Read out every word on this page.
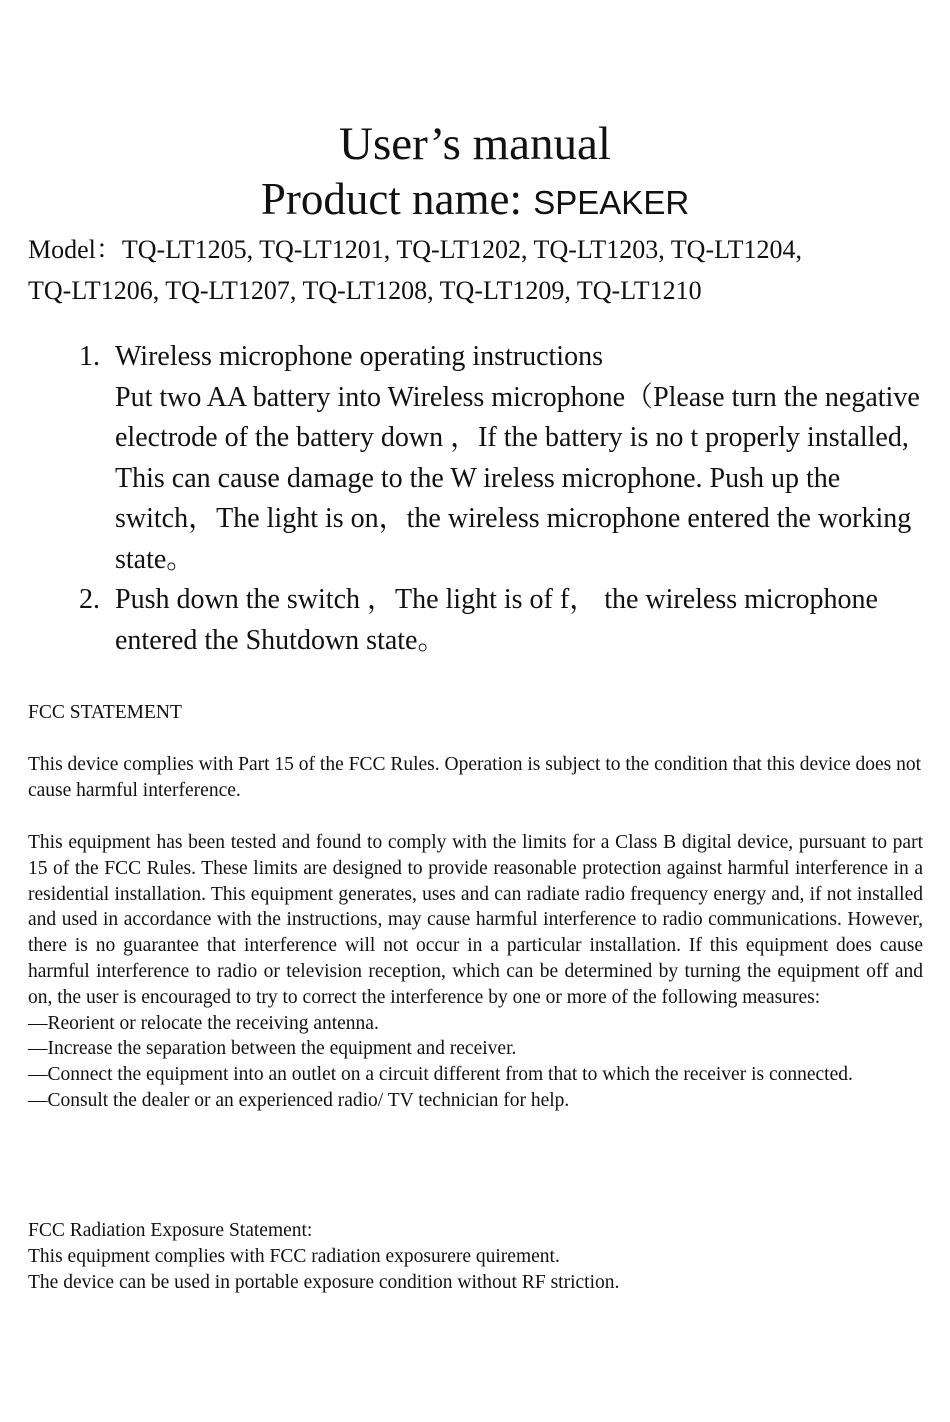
User’s manual
Product name: SPEAKER
Model：TQ-LT1205, TQ-LT1201, TQ-LT1202, TQ-LT1203, TQ-LT1204,
TQ-LT1206, TQ-LT1207, TQ-LT1208, TQ-LT1209, TQ-LT1210
1. Wireless microphone operating instructions
Put two AA battery into Wireless microphone（Please turn the negative electrode of the battery down ，If the battery is no t properly installed, This can cause damage to the W ireless microphone. Push up the switch，The light is on，the wireless microphone entered the working state。
2. Push down the switch ，The light is of f， the wireless microphone entered the Shutdown state。
FCC STATEMENT
This device complies with Part 15 of the FCC Rules. Operation is subject to the condition that this device does not cause harmful interference.

This equipment has been tested and found to comply with the limits for a Class B digital device, pursuant to part 15 of the FCC Rules. These limits are designed to provide reasonable protection against harmful interference in a residential installation. This equipment generates, uses and can radiate radio frequency energy and, if not installed and used in accordance with the instructions, may cause harmful interference to radio communications. However, there is no guarantee that interference will not occur in a particular installation. If this equipment does cause harmful interference to radio or television reception, which can be determined by turning the equipment off and on, the user is encouraged to try to correct the interference by one or more of the following measures:

—Reorient or relocate the receiving antenna.

—Increase the separation between the equipment and receiver.

—Connect the equipment into an outlet on a circuit different from that to which the receiver is connected.

—Consult the dealer or an experienced radio/ TV technician for help.

FCC Radiation Exposure Statement:

This equipment complies with FCC radiation exposurere quirement.

The device can be used in portable exposure condition without RF striction.
